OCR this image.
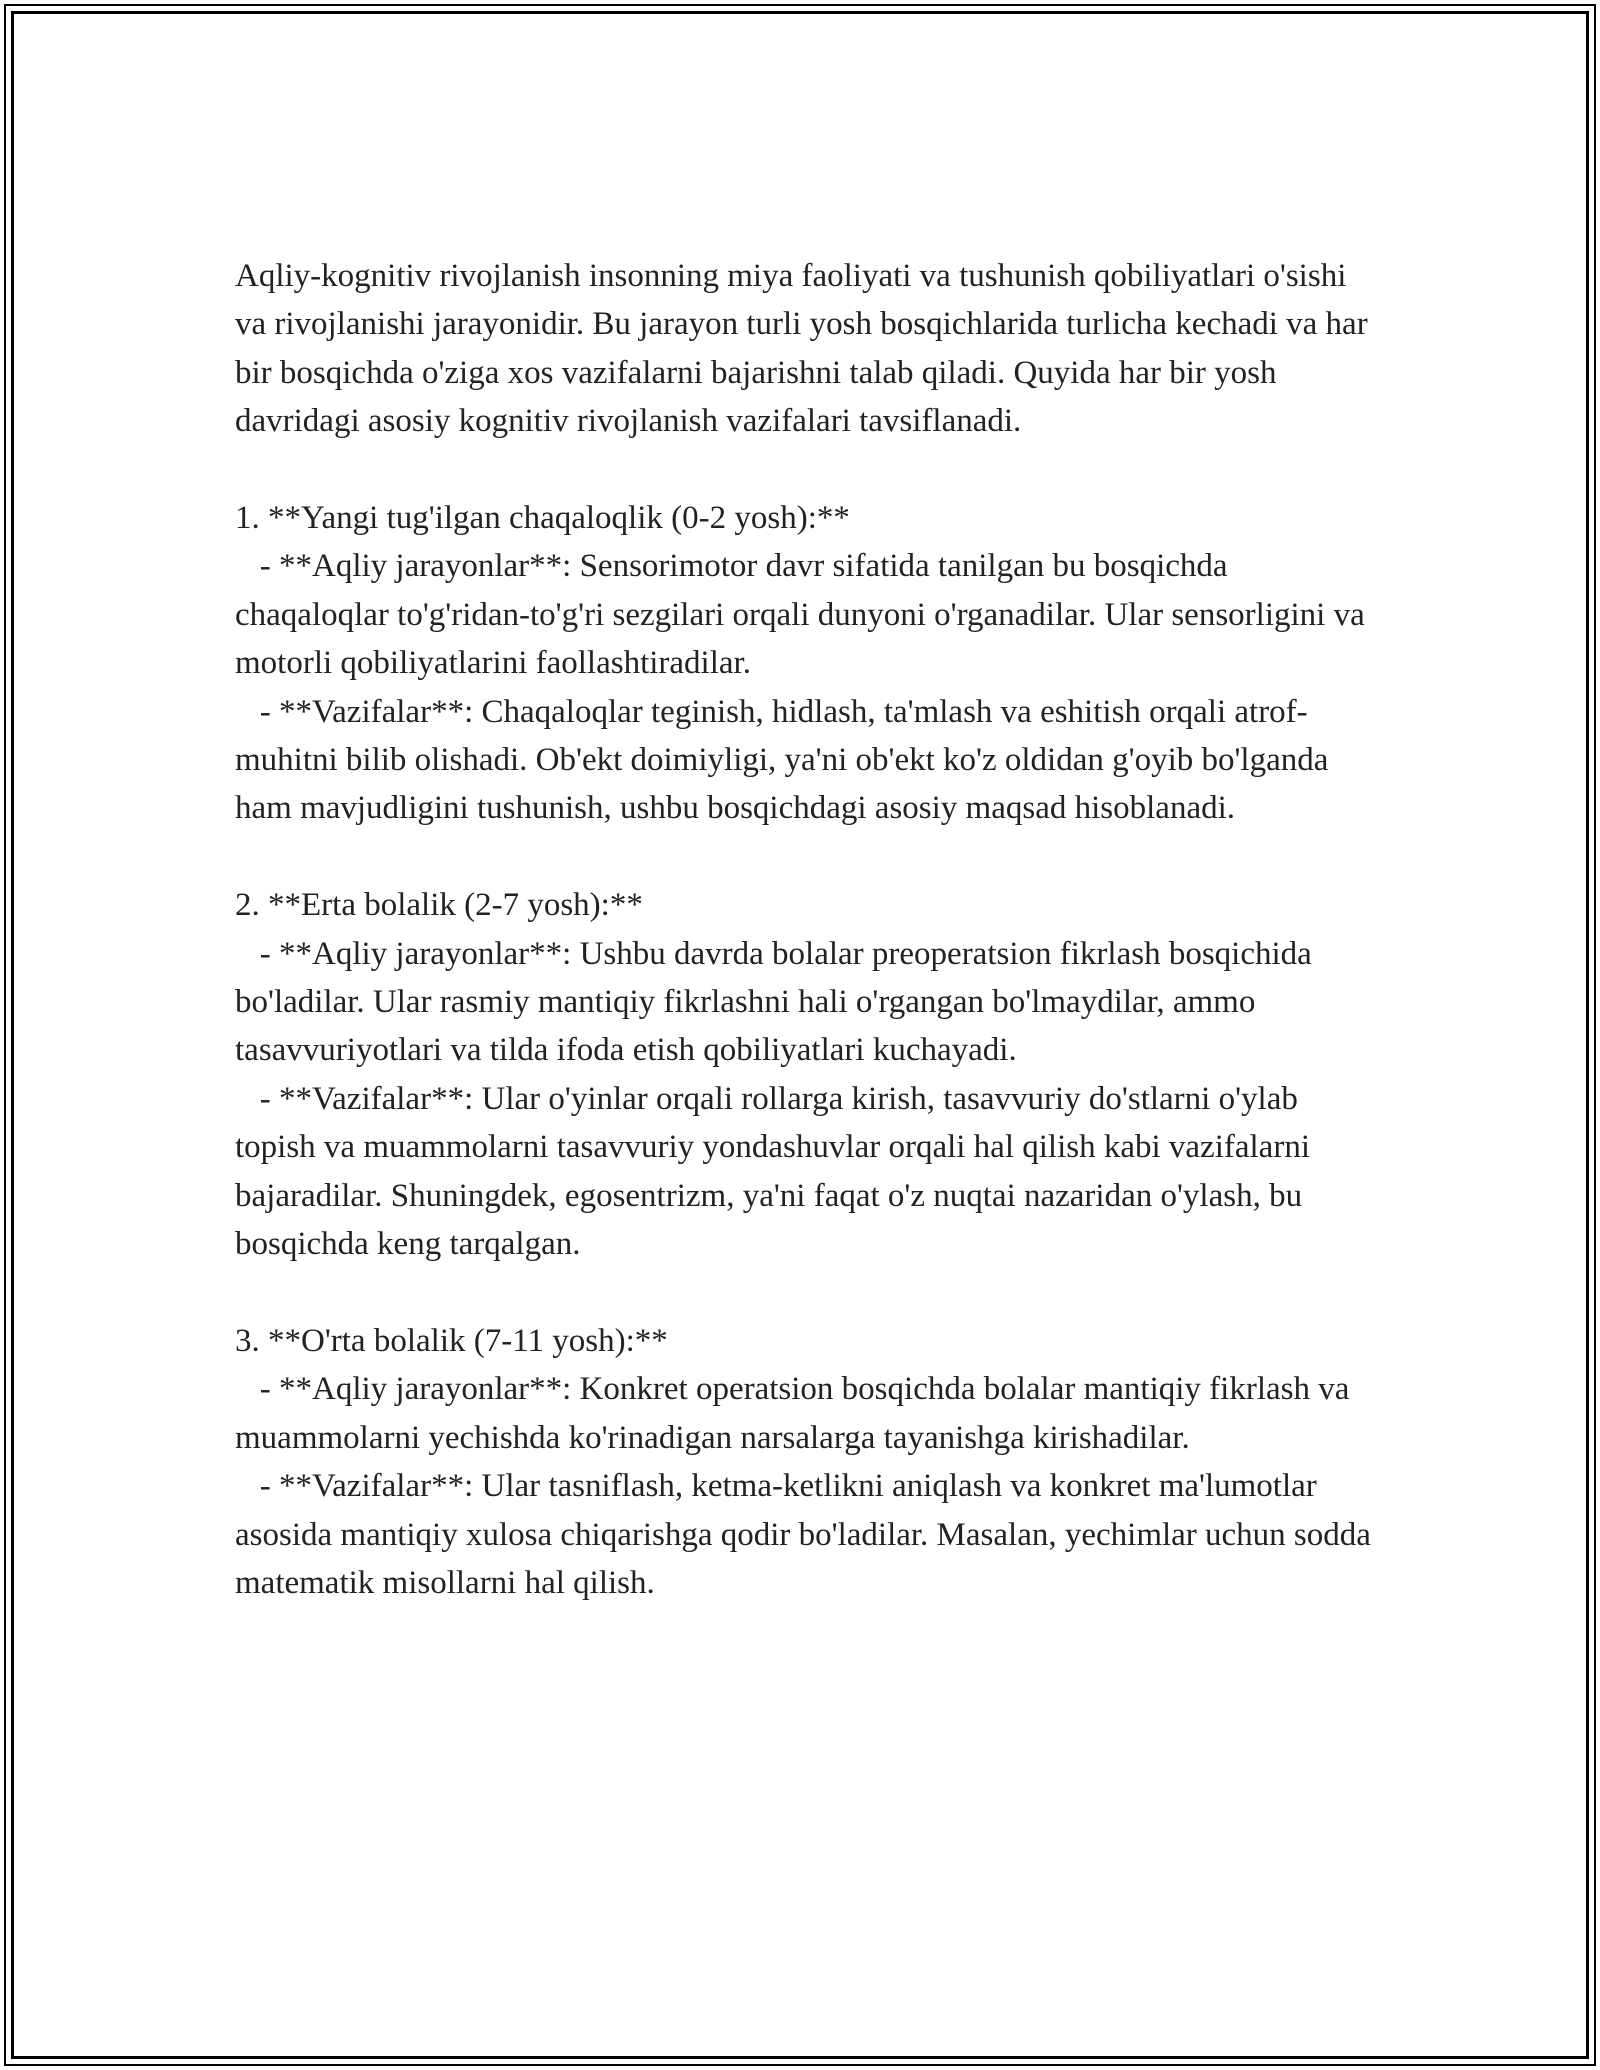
Aqliy-kognitiv rivojlanish insonning miya faoliyati va tushunish qobiliyatlari o'sishi va rivojlanishi jarayonidir. Bu jarayon turli yosh bosqichlarida turlicha kechadi va har bir bosqichda o'ziga xos vazifalarni bajarishni talab qiladi. Quyida har bir yosh davridagi asosiy kognitiv rivojlanish vazifalari tavsiflanadi.

1. **Yangi tug'ilgan chaqaloqlik (0-2 yosh):**

- **Aqliy jarayonlar**: Sensorimotor davr sifatida tanilgan bu bosqichda chaqaloqlar to'g'ridan-to'g'ri sezgilari orqali dunyoni o'rganadilar. Ular sensorligini va motorli qobiliyatlarini faollashtiradilar.

- **Vazifalar**: Chaqaloqlar teginish, hidlash, ta'mlash va eshitish orqali atrof-muhitni bilib olishadi. Ob'ekt doimiyligi, ya'ni ob'ekt ko'z oldidan g'oyib bo'lganda ham mavjudligini tushunish, ushbu bosqichdagi asosiy maqsad hisoblanadi.

2. **Erta bolalik (2-7 yosh):**

- **Aqliy jarayonlar**: Ushbu davrda bolalar preoperatsion fikrlash bosqichida bo'ladilar. Ular rasmiy mantiqiy fikrlashni hali o'rgangan bo'lmaydilar, ammo tasavvuriyotlari va tilda ifoda etish qobiliyatlari kuchayadi.

- **Vazifalar**: Ular o'yinlar orqali rollarga kirish, tasavvuriy do'stlarni o'ylab topish va muammolarni tasavvuriy yondashuvlar orqali hal qilish kabi vazifalarni bajaradilar. Shuningdek, egosentrizm, ya'ni faqat o'z nuqtai nazaridan o'ylash, bu bosqichda keng tarqalgan.

3. **O'rta bolalik (7-11 yosh):**

- **Aqliy jarayonlar**: Konkret operatsion bosqichda bolalar mantiqiy fikrlash va muammolarni yechishda ko'rinadigan narsalarga tayanishga kirishadilar.

- **Vazifalar**: Ular tasniflash, ketma-ketlikni aniqlash va konkret ma'lumotlar asosida mantiqiy xulosa chiqarishga qodir bo'ladilar. Masalan, yechimlar uchun sodda matematik misollarni hal qilish.
